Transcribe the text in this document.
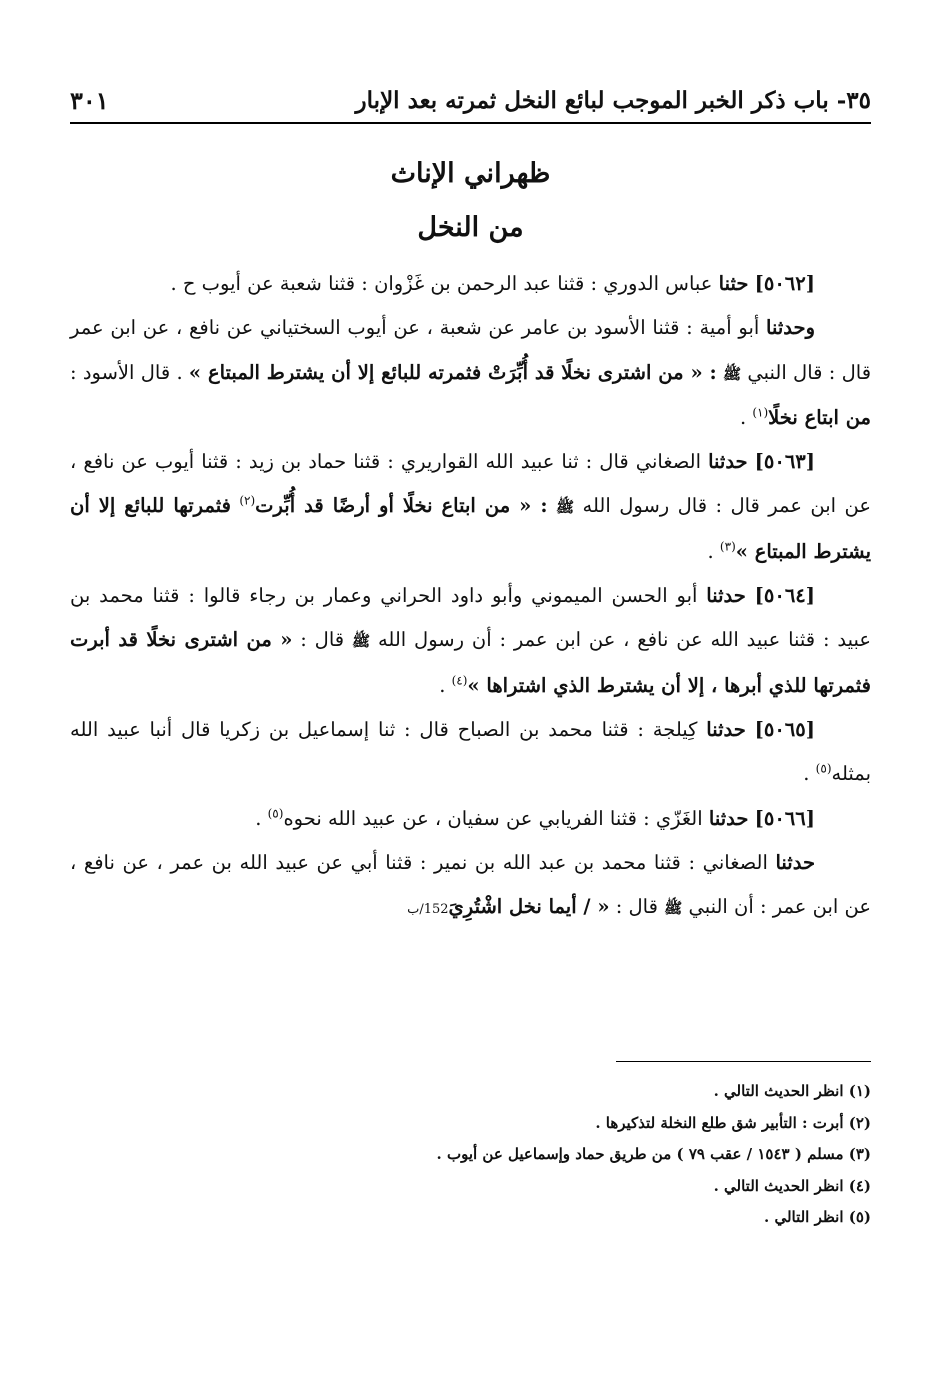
٣٥- باب ذكر الخبر الموجب لبائع النخل ثمرته بعد الإبار
٣٠١
ظهراني الإناث
من النخل

[٥٠٦٢] حثنا عباس الدوري : قثنا عبد الرحمن بن غَزْوان : قثنا شعبة عن أيوب ح .

وحدثنا أبو أمية : قثنا الأسود بن عامر عن شعبة ، عن أيوب السختياني عن نافع ، عن ابن عمر قال : قال النبي ﷺ : « من اشترى نخلًا قد أُبِّرَتْ فثمرته للبائع إلا أن يشترط المبتاع » . قال الأسود : من ابتاع نخلًا$^{(١)}$ .

[٥٠٦٣] حدثنا الصغاني قال : ثنا عبيد الله القواريري : قثنا حماد بن زيد : قثنا أيوب عن نافع ، عن ابن عمر قال : قال رسول الله ﷺ : « من ابتاع نخلًا أو أرضًا قد أُبِّرت$^{(٢)}$ فثمرتها للبائع إلا أن يشترط المبتاع »$^{(٣)}$ .

[٥٠٦٤] حدثنا أبو الحسن الميموني وأبو داود الحراني وعمار بن رجاء قالوا : قثنا محمد بن عبيد : قثنا عبيد الله عن نافع ، عن ابن عمر : أن رسول الله ﷺ قال : « من اشترى نخلًا قد أبرت فثمرتها للذي أبرها ، إلا أن يشترط الذي اشتراها »$^{(٤)}$ .

[٥٠٦٥] حدثنا كِيلجة : قثنا محمد بن الصباح قال : ثنا إسماعيل بن زكريا قال أنبا عبيد الله بمثله$^{(٥)}$ .

[٥٠٦٦] حدثنا الغَزّي : قثنا الفريابي عن سفيان ، عن عبيد الله نحوه$^{(٥)}$ .

حدثنا الصغاني : قثنا محمد بن عبد الله بن نمير : قثنا أبي عن عبيد الله بن عمر ، عن نافع ، عن ابن عمر : أن النبي ﷺ قال : « / أيما نخل اشْتُرِيَ152/ب

(١) انظر الحديث التالي .

(٢) أبرت : التأبير شق طلع النخلة لتذكيرها .

(٣) مسلم ( ١٥٤٣ / عقب ٧٩ ) من طريق حماد وإسماعيل عن أيوب .

(٤) انظر الحديث التالي .

(٥) انظر التالي .
